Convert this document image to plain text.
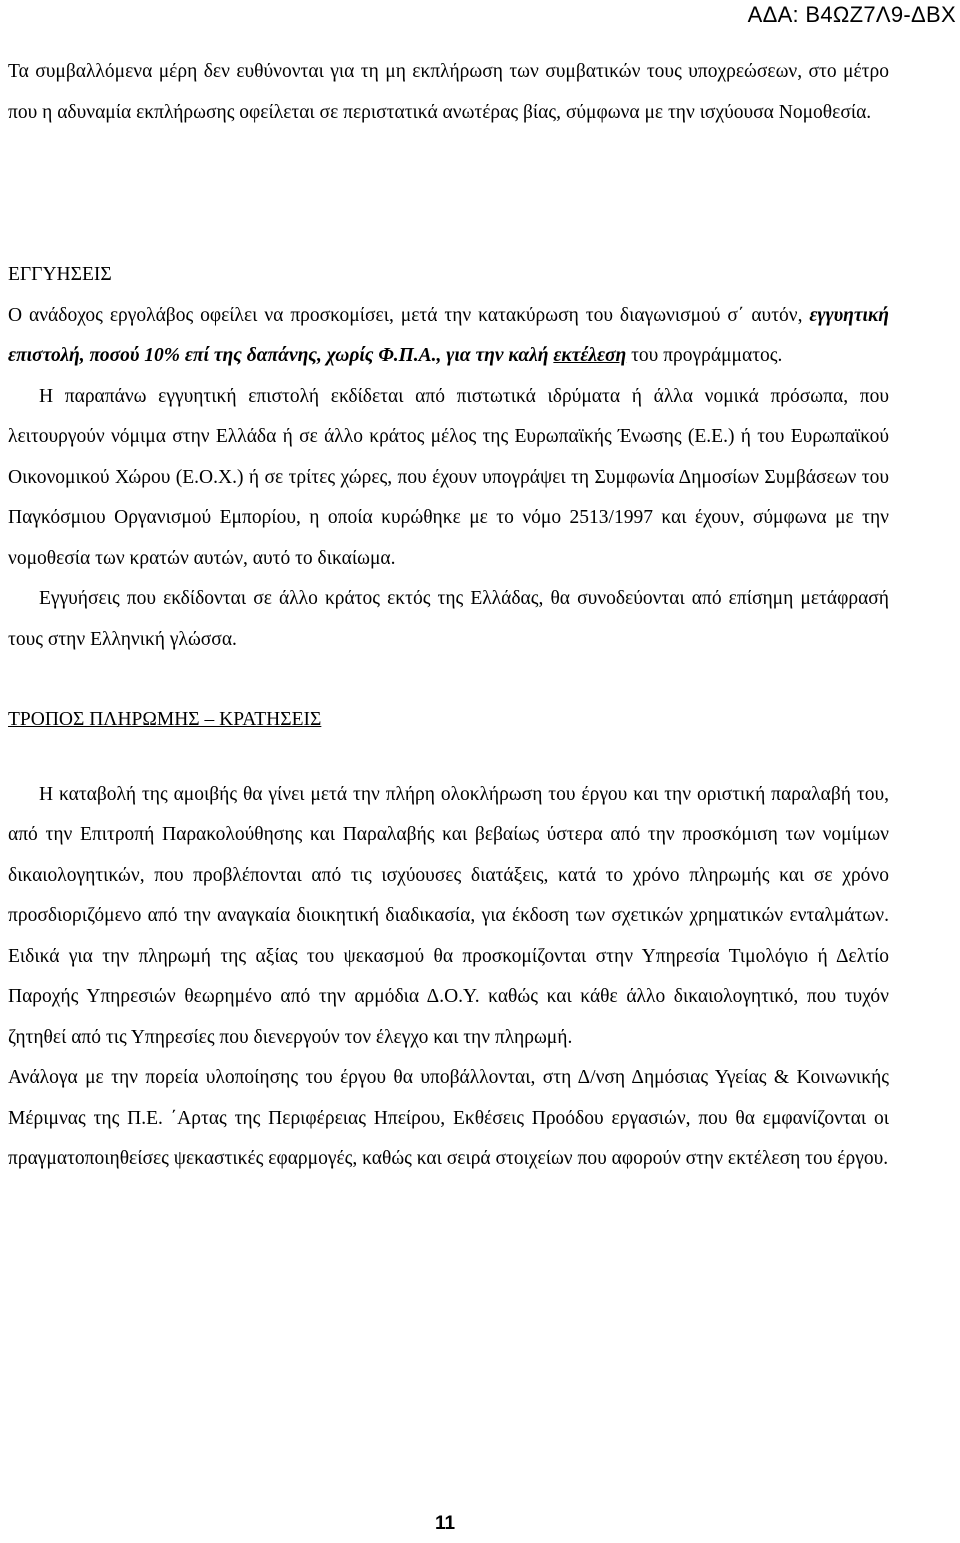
ΑΔΑ: Β4ΩΖ7Λ9-ΔΒΧ

Τα συμβαλλόμενα μέρη δεν ευθύνονται για τη μη εκπλήρωση των συμβατικών τους υποχρεώσεων, στο μέτρο που η αδυναμία εκπλήρωσης οφείλεται σε περιστατικά ανωτέρας βίας, σύμφωνα με την ισχύουσα Νομοθεσία.

ΕΓΓΥΗΣΕΙΣ

Ο ανάδοχος εργολάβος οφείλει να προσκομίσει, μετά την κατακύρωση του διαγωνισμού σ΄ αυτόν, εγγυητική επιστολή, ποσού 10% επί της δαπάνης, χωρίς Φ.Π.Α., για την καλή εκτέλεση του προγράμματος.

Η παραπάνω εγγυητική επιστολή εκδίδεται από πιστωτικά ιδρύματα ή άλλα νομικά πρόσωπα, που λειτουργούν νόμιμα στην Ελλάδα ή σε άλλο κράτος μέλος της Ευρωπαϊκής Ένωσης (Ε.Ε.) ή του Ευρωπαϊκού Οικονομικού Χώρου (Ε.Ο.Χ.) ή σε τρίτες χώρες, που έχουν υπογράψει τη Συμφωνία Δημοσίων Συμβάσεων του Παγκόσμιου Οργανισμού Εμπορίου, η οποία κυρώθηκε με το νόμο 2513/1997 και έχουν, σύμφωνα με την νομοθεσία των κρατών αυτών, αυτό το δικαίωμα.

Εγγυήσεις που εκδίδονται σε άλλο κράτος εκτός της Ελλάδας, θα συνοδεύονται από επίσημη μετάφρασή τους στην Ελληνική γλώσσα.

ΤΡΟΠΟΣ ΠΛΗΡΩΜΗΣ – ΚΡΑΤΗΣΕΙΣ

Η καταβολή της αμοιβής θα γίνει μετά την πλήρη ολοκλήρωση του έργου και την οριστική παραλαβή του, από την Επιτροπή Παρακολούθησης και Παραλαβής και βεβαίως ύστερα από την προσκόμιση των νομίμων δικαιολογητικών, που προβλέπονται από τις ισχύουσες διατάξεις, κατά το χρόνο πληρωμής και σε χρόνο προσδιοριζόμενο από την αναγκαία διοικητική διαδικασία, για έκδοση των σχετικών χρηματικών ενταλμάτων. Ειδικά για την πληρωμή της αξίας του ψεκασμού θα προσκομίζονται στην Υπηρεσία Τιμολόγιο ή Δελτίο Παροχής Υπηρεσιών θεωρημένο από την αρμόδια Δ.Ο.Υ. καθώς και κάθε άλλο δικαιολογητικό, που τυχόν ζητηθεί από τις Υπηρεσίες που διενεργούν τον έλεγχο και την πληρωμή.

Ανάλογα με την πορεία υλοποίησης του έργου θα υποβάλλονται, στη Δ/νση Δημόσιας Υγείας & Κοινωνικής Μέριμνας της Π.Ε. ΄Αρτας της Περιφέρειας Ηπείρου, Εκθέσεις Προόδου εργασιών, που θα εμφανίζονται οι πραγματοποιηθείσες ψεκαστικές εφαρμογές, καθώς και σειρά στοιχείων που αφορούν στην εκτέλεση του έργου.

11
